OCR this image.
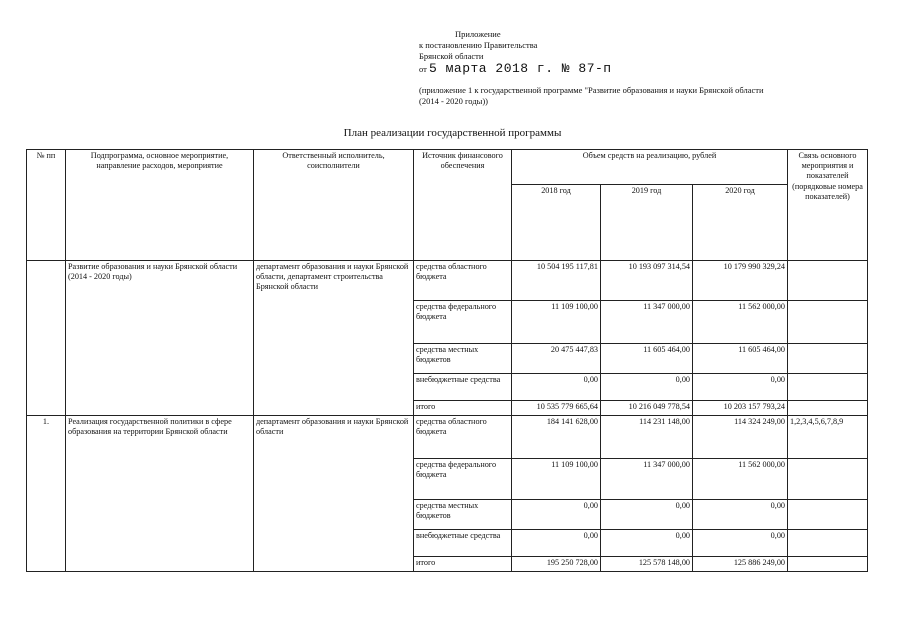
Приложение
к постановлению Правительства
Брянской области
от 5 марта 2018 г. № 87-п
(приложение 1 к государственной программе "Развитие образования и науки Брянской области
(2014 - 2020 годы))
План реализации государственной программы
№ пп	Подпрограмма, основное мероприятие, направление расходов, мероприятие	Ответственный исполнитель, соисполнители	Источник финансового обеспечения	Объем средств на реализацию, рублей			Связь основного мероприятия и показателей (порядковые номера показателей)
				2018 год	2019 год	2020 год	
	Развитие образования и науки Брянской области (2014 - 2020 годы)	департамент образования и науки Брянской области, департамент строительства Брянской области	средства областного бюджета	10 504 195 117,81	10 193 097 314,54	10 179 990 329,24	
			средства федерального бюджета	11 109 100,00	11 347 000,00	11 562 000,00	
			средства местных бюджетов	20 475 447,83	11 605 464,00	11 605 464,00	
			внебюджетные средства	0,00	0,00	0,00	
			итого	10 535 779 665,64	10 216 049 778,54	10 203 157 793,24	
1.	Реализация государственной политики в сфере образования на территории Брянской области	департамент образования и науки Брянской области	средства областного бюджета	184 141 628,00	114 231 148,00	114 324 249,00	1,2,3,4,5,6,7,8,9
			средства федерального бюджета	11 109 100,00	11 347 000,00	11 562 000,00	
			средства местных бюджетов	0,00	0,00	0,00	
			внебюджетные средства	0,00	0,00	0,00	
			итого	195 250 728,00	125 578 148,00	125 886 249,00	
